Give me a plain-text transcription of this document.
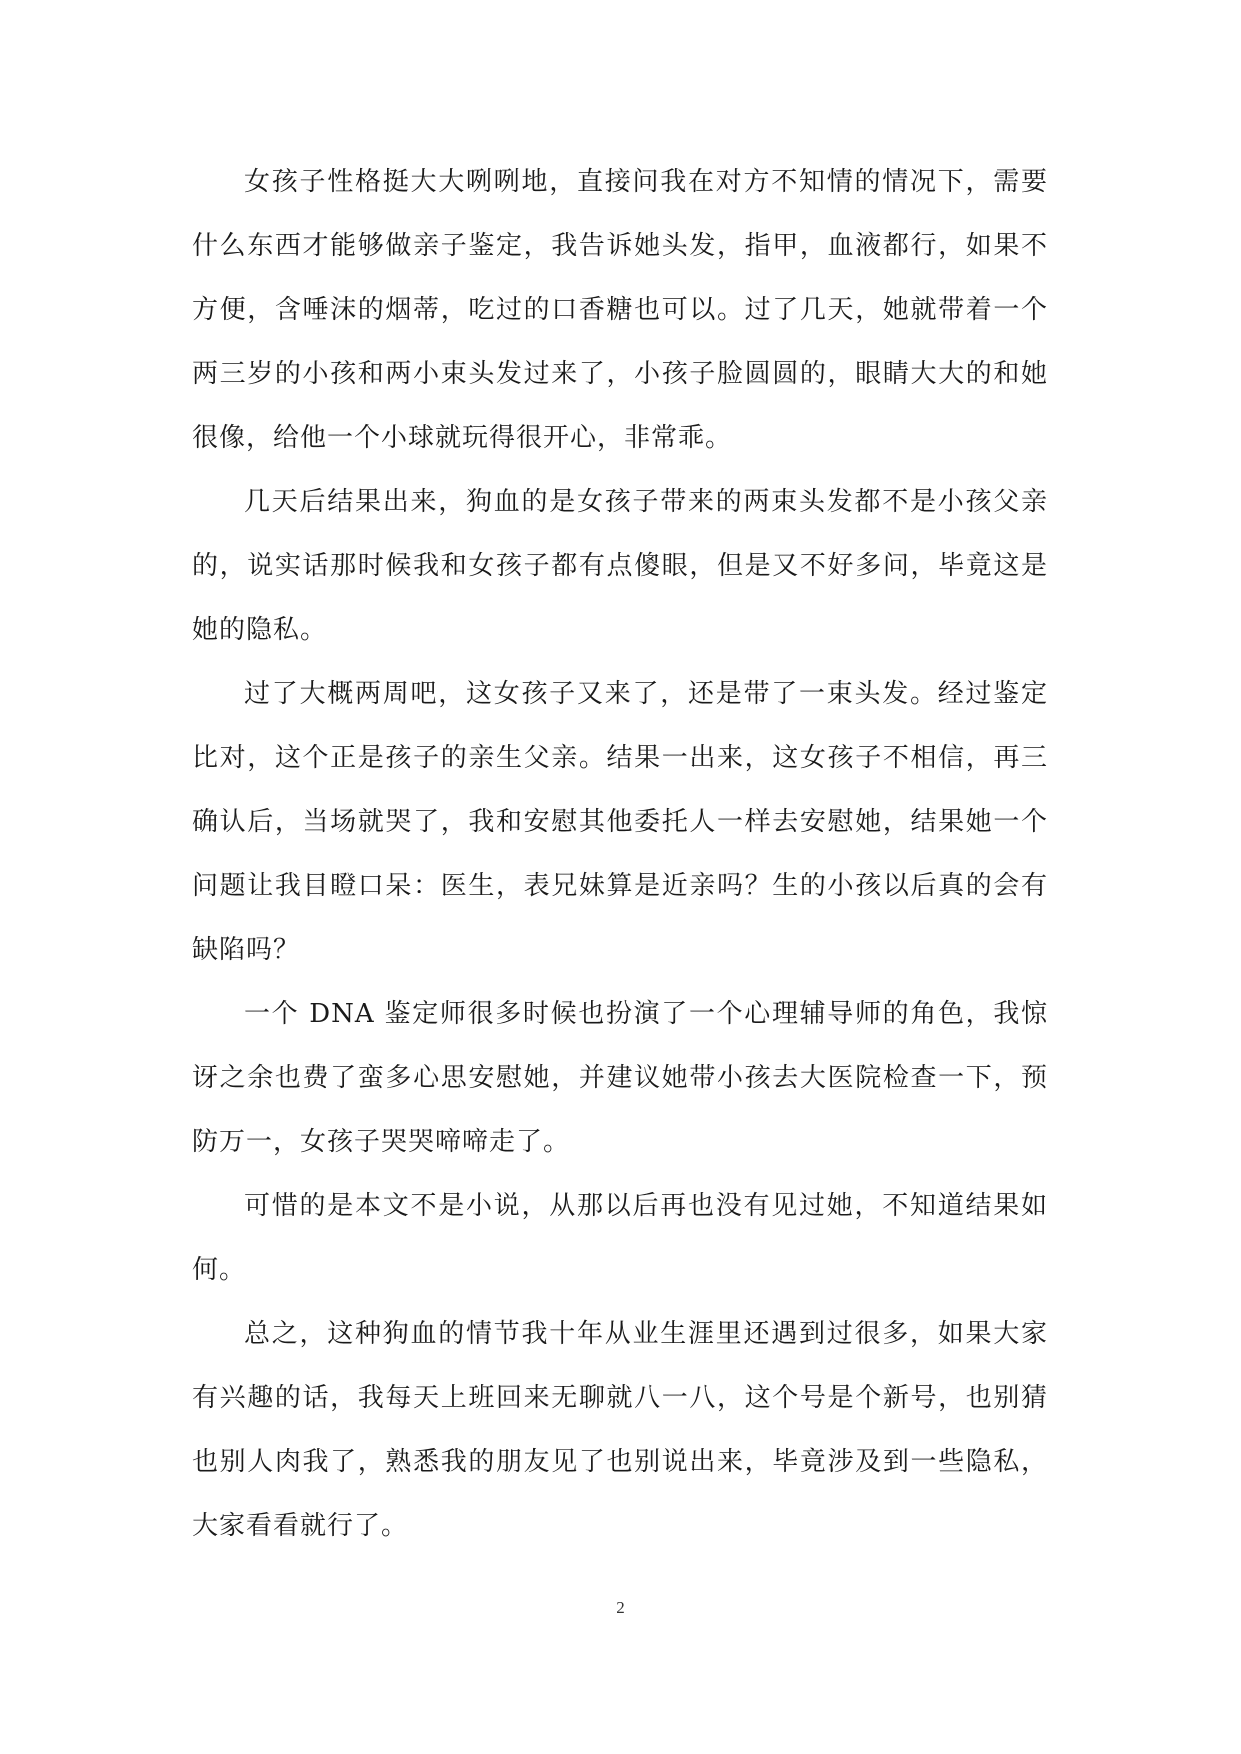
女孩子性格挺大大咧咧地，直接问我在对方不知情的情况下，需要什么东西才能够做亲子鉴定，我告诉她头发，指甲，血液都行，如果不方便，含唾沫的烟蒂，吃过的口香糖也可以。过了几天，她就带着一个两三岁的小孩和两小束头发过来了，小孩子脸圆圆的，眼睛大大的和她很像，给他一个小球就玩得很开心，非常乖。

几天后结果出来，狗血的是女孩子带来的两束头发都不是小孩父亲的，说实话那时候我和女孩子都有点傻眼，但是又不好多问，毕竟这是她的隐私。

过了大概两周吧，这女孩子又来了，还是带了一束头发。经过鉴定比对，这个正是孩子的亲生父亲。结果一出来，这女孩子不相信，再三确认后，当场就哭了，我和安慰其他委托人一样去安慰她，结果她一个问题让我目瞪口呆：医生，表兄妹算是近亲吗？生的小孩以后真的会有缺陷吗？

一个 DNA 鉴定师很多时候也扮演了一个心理辅导师的角色，我惊讶之余也费了蛮多心思安慰她，并建议她带小孩去大医院检查一下，预防万一，女孩子哭哭啼啼走了。

可惜的是本文不是小说，从那以后再也没有见过她，不知道结果如何。

总之，这种狗血的情节我十年从业生涯里还遇到过很多，如果大家有兴趣的话，我每天上班回来无聊就八一八，这个号是个新号，也别猜也别人肉我了，熟悉我的朋友见了也别说出来，毕竟涉及到一些隐私，大家看看就行了。

2
